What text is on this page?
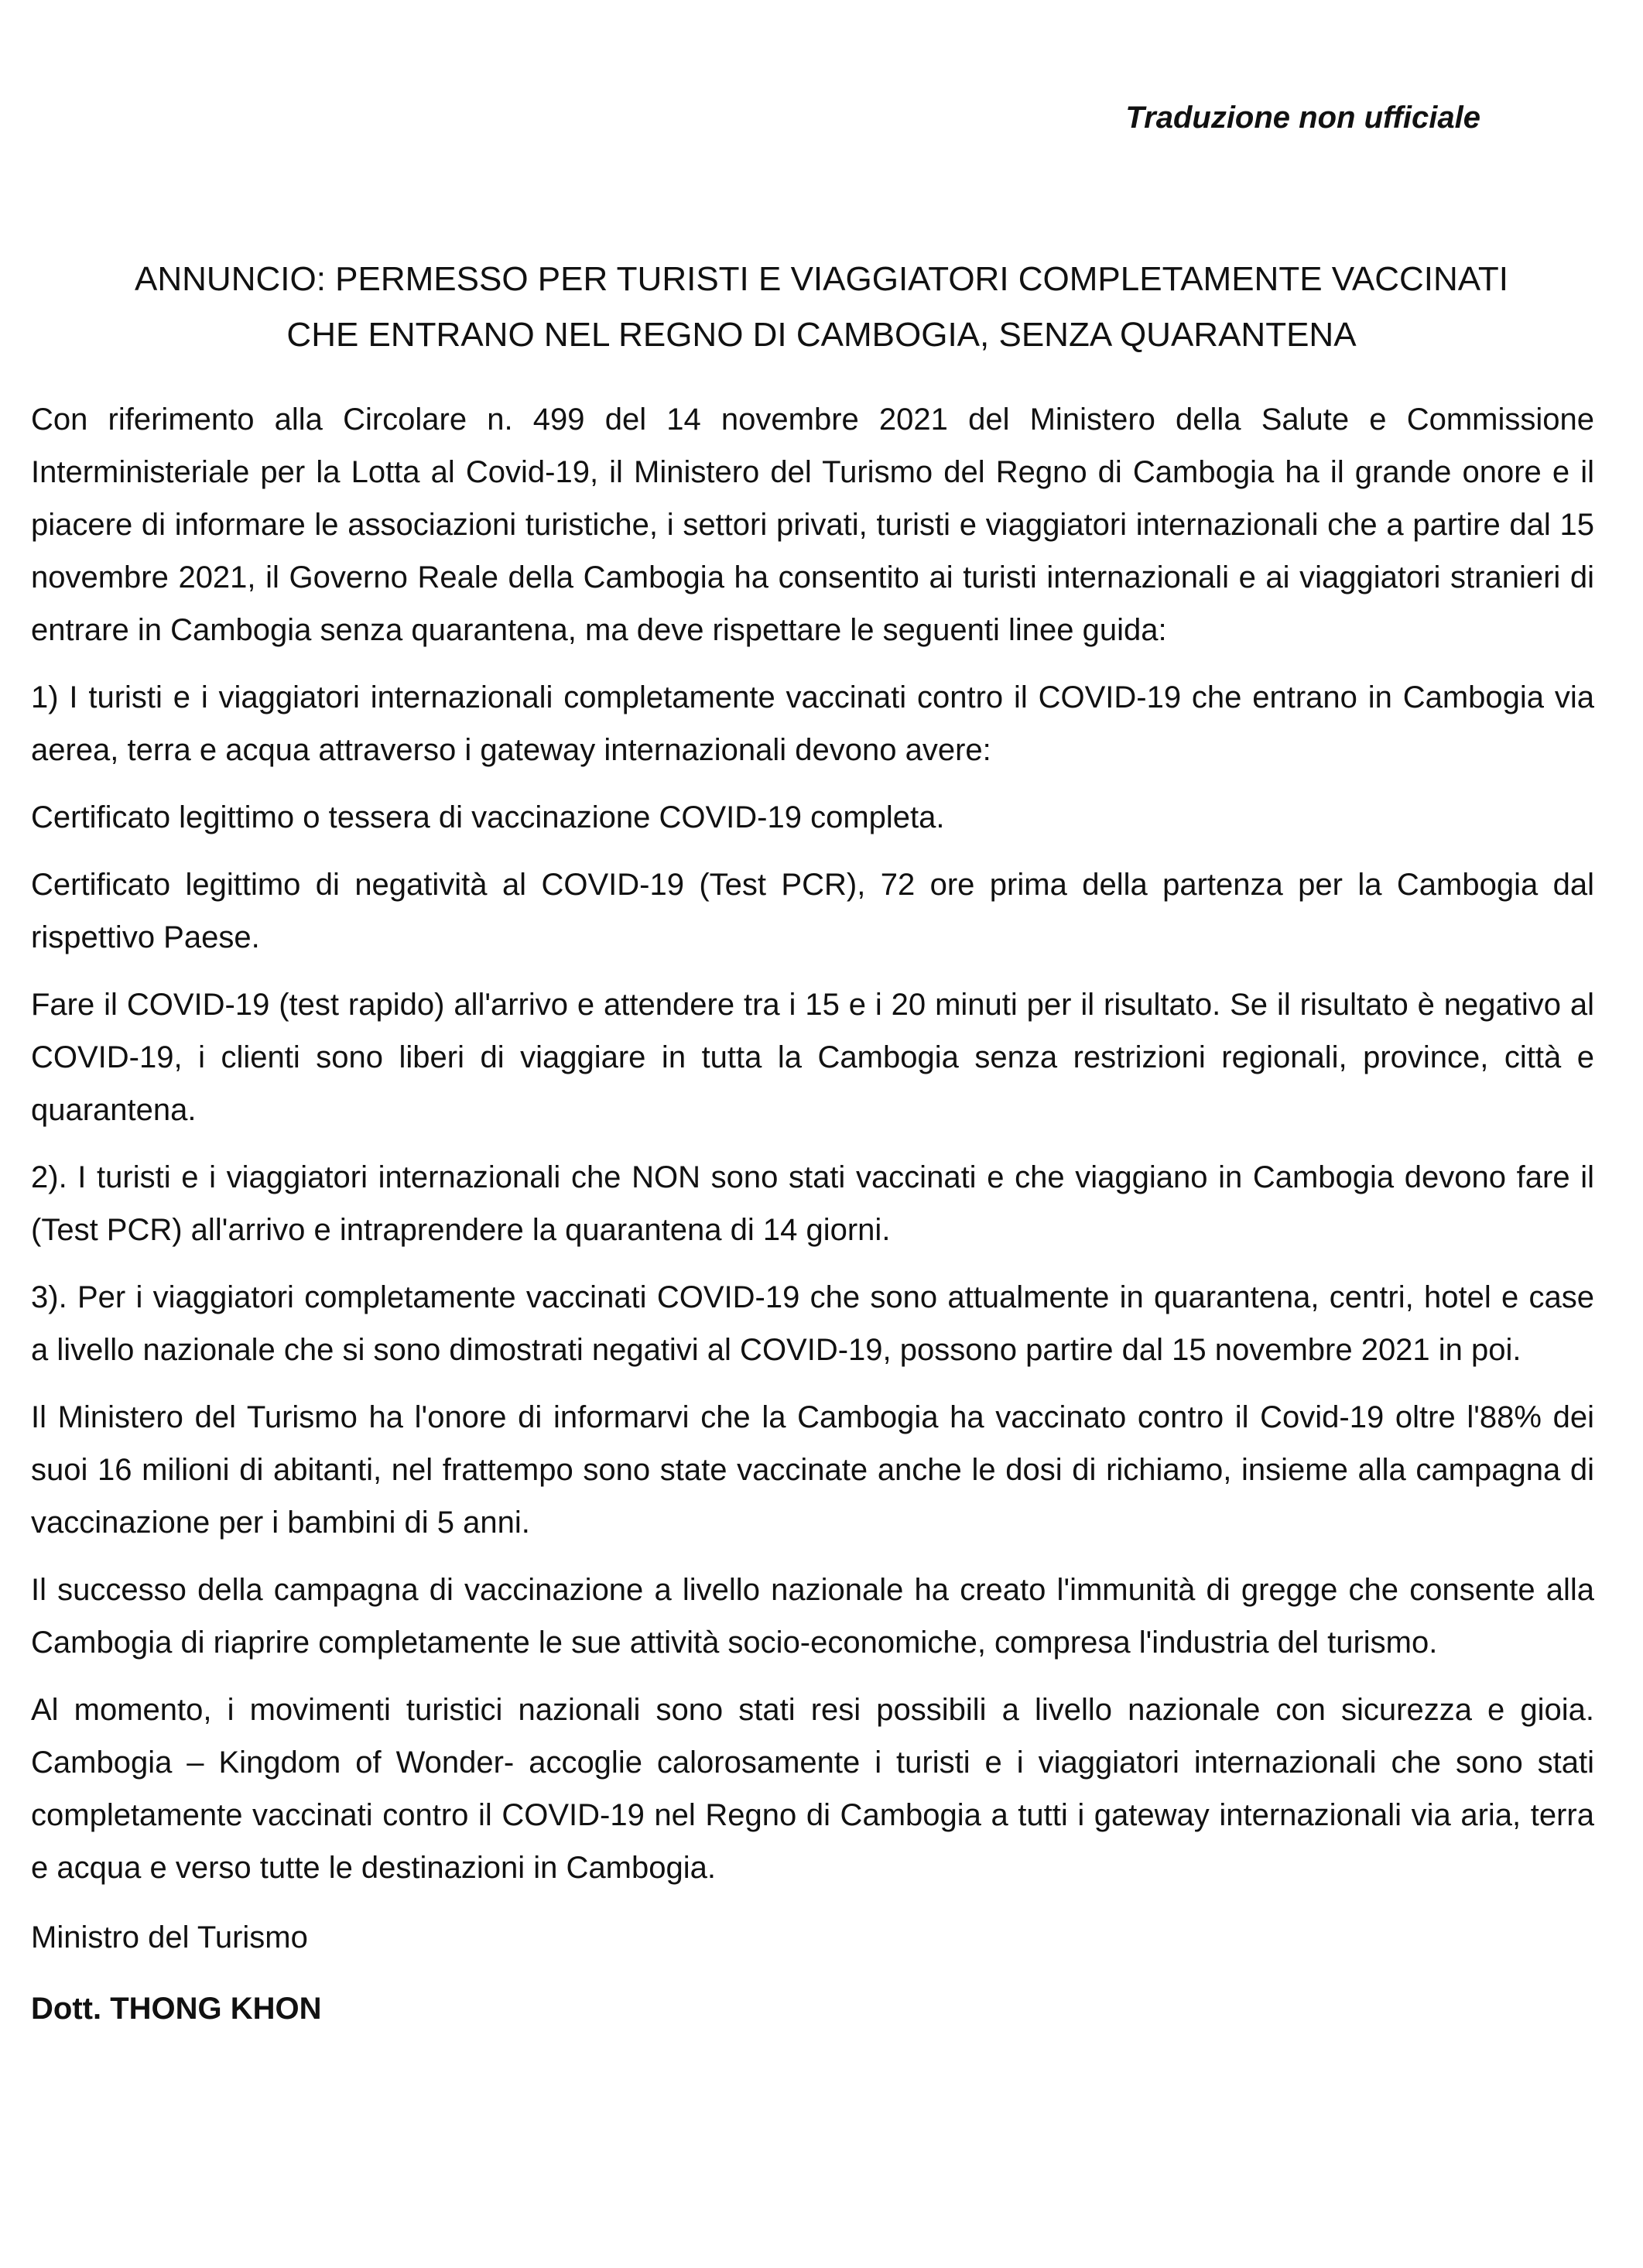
Traduzione non ufficiale
ANNUNCIO: PERMESSO PER TURISTI E VIAGGIATORI COMPLETAMENTE VACCINATI
CHE ENTRANO NEL REGNO DI CAMBOGIA, SENZA QUARANTENA

Con riferimento alla Circolare n. 499 del 14 novembre 2021 del Ministero della Salute e Commissione Interministeriale per la Lotta al Covid-19, il Ministero del Turismo del Regno di Cambogia ha il grande onore e il piacere di informare le associazioni turistiche, i settori privati, turisti e viaggiatori internazionali che a partire dal 15 novembre 2021, il Governo Reale della Cambogia ha consentito ai turisti internazionali e ai viaggiatori stranieri di entrare in Cambogia senza quarantena, ma deve rispettare le seguenti linee guida:

1) I turisti e i viaggiatori internazionali completamente vaccinati contro il COVID-19 che entrano in Cambogia via aerea, terra e acqua attraverso i gateway internazionali devono avere:

Certificato legittimo o tessera di vaccinazione COVID-19 completa.

Certificato legittimo di negatività al COVID-19 (Test PCR), 72 ore prima della partenza per la Cambogia dal rispettivo Paese.

Fare il COVID-19 (test rapido) all'arrivo e attendere tra i 15 e i 20 minuti per il risultato. Se il risultato è negativo al COVID-19, i clienti sono liberi di viaggiare in tutta la Cambogia senza restrizioni regionali, province, città e quarantena.

2). I turisti e i viaggiatori internazionali che NON sono stati vaccinati e che viaggiano in Cambogia devono fare il (Test PCR) all'arrivo e intraprendere la quarantena di 14 giorni.

3). Per i viaggiatori completamente vaccinati COVID-19 che sono attualmente in quarantena, centri, hotel e case a livello nazionale che si sono dimostrati negativi al COVID-19, possono partire dal 15 novembre 2021 in poi.

Il Ministero del Turismo ha l'onore di informarvi che la Cambogia ha vaccinato contro il Covid-19 oltre l'88% dei suoi 16 milioni di abitanti, nel frattempo sono state vaccinate anche le dosi di richiamo, insieme alla campagna di vaccinazione per i bambini di 5 anni.

Il successo della campagna di vaccinazione a livello nazionale ha creato l'immunità di gregge che consente alla Cambogia di riaprire completamente le sue attività socio-economiche, compresa l'industria del turismo.

Al momento, i movimenti turistici nazionali sono stati resi possibili a livello nazionale con sicurezza e gioia. Cambogia – Kingdom of Wonder- accoglie calorosamente i turisti e i viaggiatori internazionali che sono stati completamente vaccinati contro il COVID-19 nel Regno di Cambogia a tutti i gateway internazionali via aria, terra e acqua e verso tutte le destinazioni in Cambogia.

Ministro del Turismo

Dott. THONG KHON
